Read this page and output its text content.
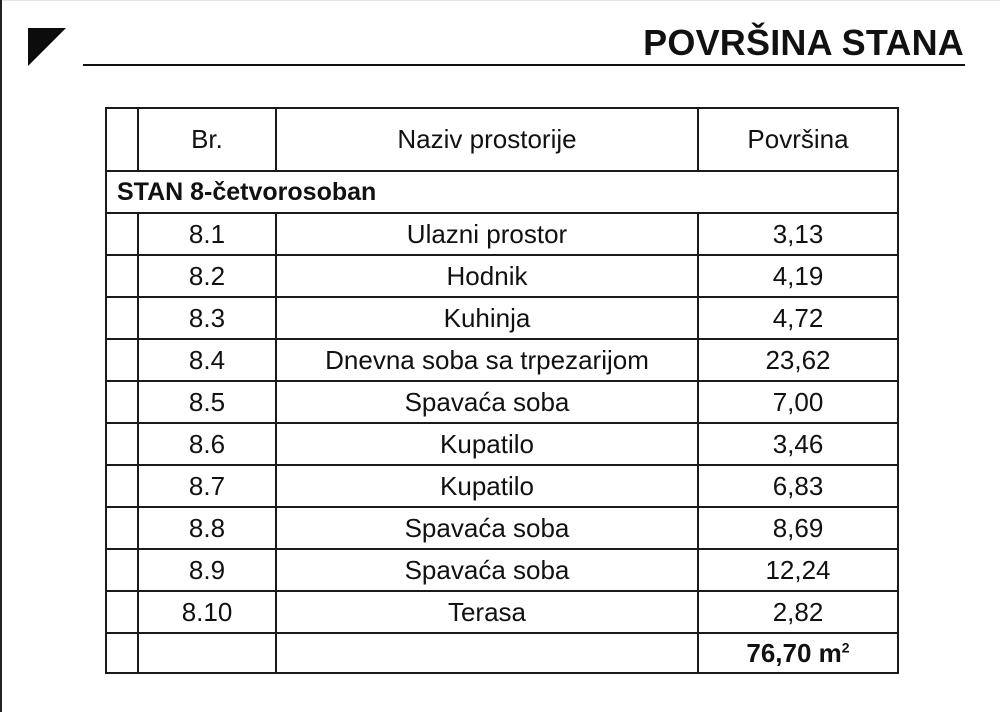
POVRŠINA STANA
	Br.	Naziv prostorije	Površina
STAN 8-četvorosoban			
	8.1	Ulazni prostor	3,13
	8.2	Hodnik	4,19
	8.3	Kuhinja	4,72
	8.4	Dnevna soba sa trpezarijom	23,62
	8.5	Spavaća soba	7,00
	8.6	Kupatilo	3,46
	8.7	Kupatilo	6,83
	8.8	Spavaća soba	8,69
	8.9	Spavaća soba	12,24
	8.10	Terasa	2,82
			76,70 $m^2$
